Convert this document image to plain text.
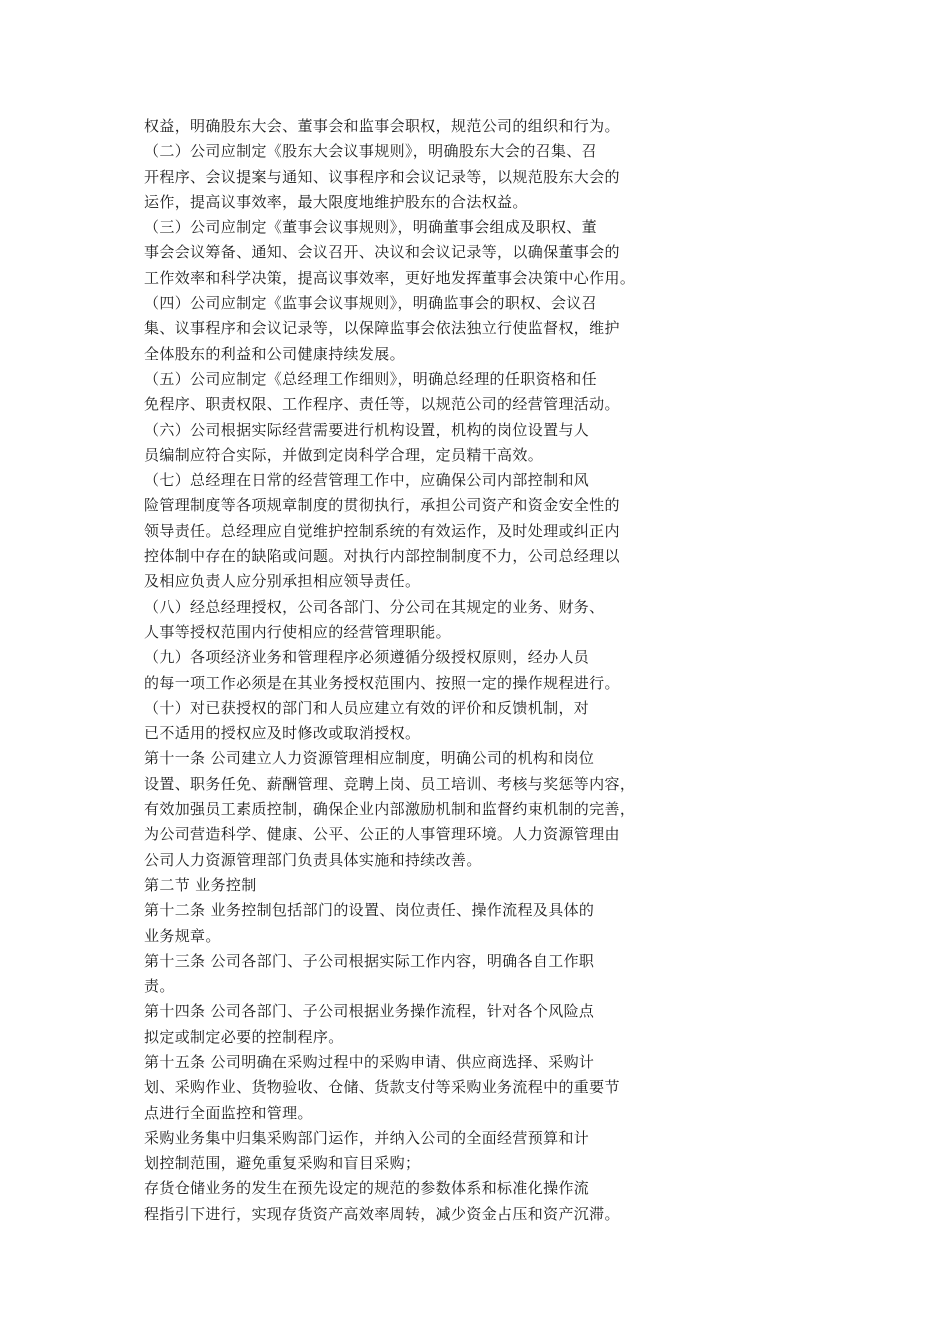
权益，明确股东大会、董事会和监事会职权，规范公司的组织和行为。
（二）公司应制定《股东大会议事规则》，明确股东大会的召集、召
开程序、会议提案与通知、议事程序和会议记录等，以规范股东大会的
运作，提高议事效率，最大限度地维护股东的合法权益。
（三）公司应制定《董事会议事规则》，明确董事会组成及职权、董
事会会议筹备、通知、会议召开、决议和会议记录等，以确保董事会的
工作效率和科学决策，提高议事效率，更好地发挥董事会决策中心作用。
（四）公司应制定《监事会议事规则》，明确监事会的职权、会议召
集、议事程序和会议记录等，以保障监事会依法独立行使监督权，维护
全体股东的利益和公司健康持续发展。
（五）公司应制定《总经理工作细则》，明确总经理的任职资格和任
免程序、职责权限、工作程序、责任等，以规范公司的经营管理活动。
（六）公司根据实际经营需要进行机构设置，机构的岗位设置与人
员编制应符合实际，并做到定岗科学合理，定员精干高效。
（七）总经理在日常的经营管理工作中，应确保公司内部控制和风
险管理制度等各项规章制度的贯彻执行，承担公司资产和资金安全性的
领导责任。总经理应自觉维护控制系统的有效运作，及时处理或纠正内
控体制中存在的缺陷或问题。对执行内部控制制度不力，公司总经理以
及相应负责人应分别承担相应领导责任。
（八）经总经理授权，公司各部门、分公司在其规定的业务、财务、
人事等授权范围内行使相应的经营管理职能。
（九）各项经济业务和管理程序必须遵循分级授权原则，经办人员
的每一项工作必须是在其业务授权范围内、按照一定的操作规程进行。
（十）对已获授权的部门和人员应建立有效的评价和反馈机制，对
已不适用的授权应及时修改或取消授权。
第十一条 公司建立人力资源管理相应制度，明确公司的机构和岗位
设置、职务任免、薪酬管理、竞聘上岗、员工培训、考核与奖惩等内容，
有效加强员工素质控制，确保企业内部激励机制和监督约束机制的完善，
为公司营造科学、健康、公平、公正的人事管理环境。人力资源管理由
公司人力资源管理部门负责具体实施和持续改善。
第二节 业务控制
第十二条 业务控制包括部门的设置、岗位责任、操作流程及具体的
业务规章。
第十三条 公司各部门、子公司根据实际工作内容，明确各自工作职
责。
第十四条 公司各部门、子公司根据业务操作流程，针对各个风险点
拟定或制定必要的控制程序。
第十五条 公司明确在采购过程中的采购申请、供应商选择、采购计
划、采购作业、货物验收、仓储、货款支付等采购业务流程中的重要节
点进行全面监控和管理。
采购业务集中归集采购部门运作，并纳入公司的全面经营预算和计
划控制范围，避免重复采购和盲目采购；
存货仓储业务的发生在预先设定的规范的参数体系和标准化操作流
程指引下进行，实现存货资产高效率周转，减少资金占压和资产沉滞。
